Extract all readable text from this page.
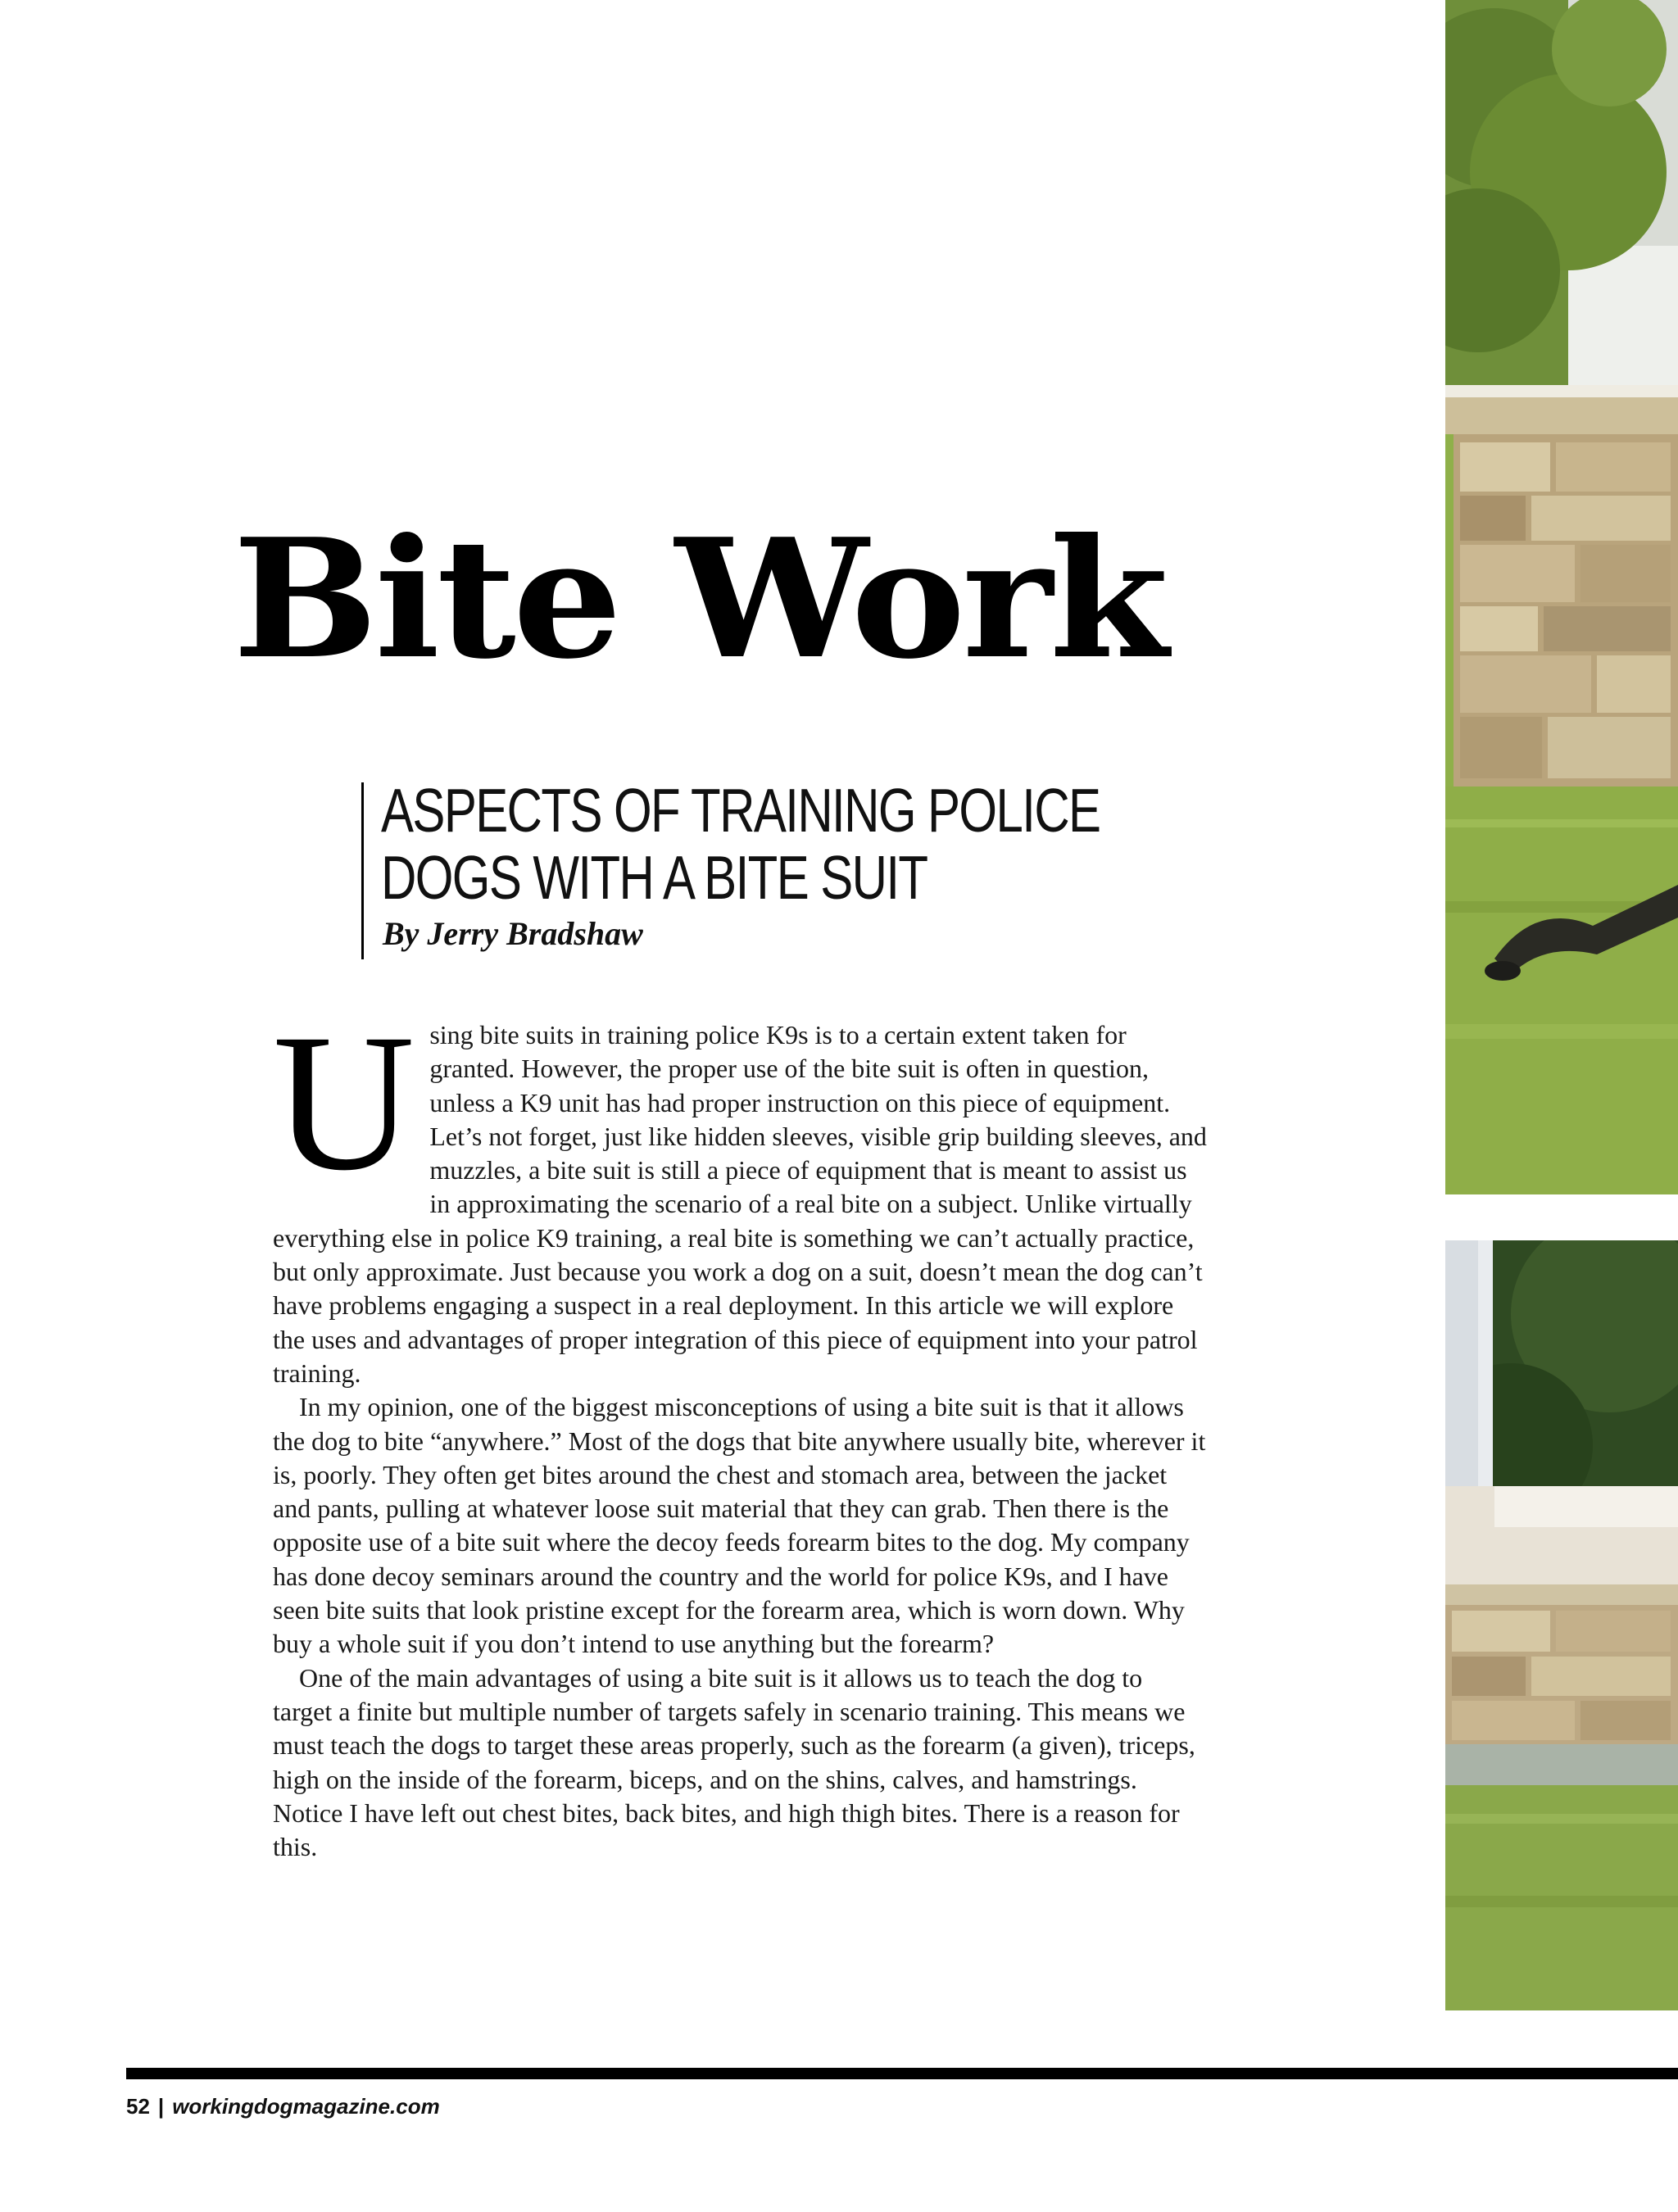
Bite Work
ASPECTS OF TRAINING POLICE
DOGS WITH A BITE SUIT
By Jerry Bradshaw

Using bite suits in training police K9s is to a certain extent taken for granted. However, the proper use of the bite suit is often in question, unless a K9 unit has had proper instruction on this piece of equipment. Let’s not forget, just like hidden sleeves, visible grip building sleeves, and muzzles, a bite suit is still a piece of equipment that is meant to assist us in approximating the scenario of a real bite on a subject. Unlike virtually everything else in police K9 training, a real bite is something we can’t actually practice, but only approximate. Just because you work a dog on a suit, doesn’t mean the dog can’t have problems engaging a suspect in a real deployment. In this article we will explore the uses and advantages of proper integration of this piece of equipment into your patrol training.

In my opinion, one of the biggest misconceptions of using a bite suit is that it allows the dog to bite “anywhere.” Most of the dogs that bite anywhere usually bite, wherever it is, poorly. They often get bites around the chest and stomach area, between the jacket and pants, pulling at whatever loose suit material that they can grab. Then there is the opposite use of a bite suit where the decoy feeds forearm bites to the dog. My company has done decoy seminars around the country and the world for police K9s, and I have seen bite suits that look pristine except for the forearm area, which is worn down. Why buy a whole suit if you don’t intend to use anything but the forearm?

One of the main advantages of using a bite suit is it allows us to teach the dog to target a finite but multiple number of targets safely in scenario training. This means we must teach the dogs to target these areas properly, such as the forearm (a given), triceps, high on the inside of the forearm, biceps, and on the shins, calves, and hamstrings. Notice I have left out chest bites, back bites, and high thigh bites. There is a reason for this.

52 | workingdogmagazine.com
